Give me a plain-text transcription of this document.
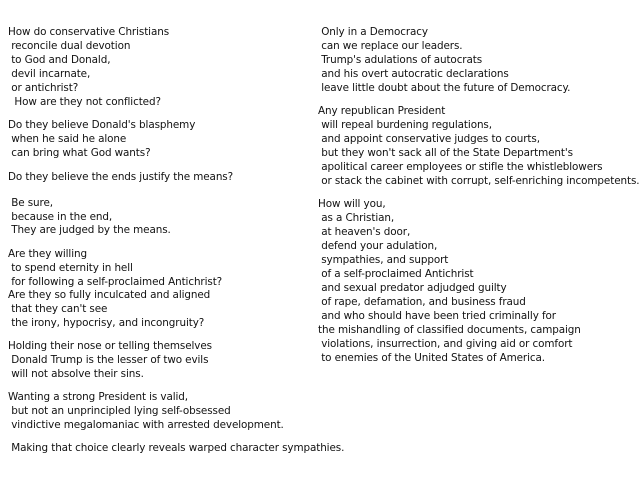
How do conservative Christians
reconcile dual devotion
to God and Donald,
devil incarnate,
or antichrist?
How are they not conflicted?
Do they believe Donald's blasphemy
when he said he alone
can bring what God wants?
Do they believe the ends justify the means?
Be sure,
because in the end,
They are judged by the means.
Are they willing
to spend eternity in hell
for following a self-proclaimed Antichrist?
Are they so fully inculcated and aligned
that they can't see
the irony, hypocrisy, and incongruity?
Holding their nose or telling themselves
Donald Trump is the lesser of two evils
will not absolve their sins.
Wanting a strong President is valid,
but not an unprincipled lying self-obsessed
vindictive megalomaniac with arrested development.
Making that choice clearly reveals warped character sympathies.
Only in a Democracy
can we replace our leaders.
Trump's adulations of autocrats
and his overt autocratic declarations
leave little doubt about the future of Democracy.
Any republican President
will repeal burdening regulations,
and appoint conservative judges to courts,
but they won't sack all of the State Department's
apolitical career employees or stifle the whistleblowers
or stack the cabinet with corrupt, self-enriching incompetents.
How will you,
as a Christian,
at heaven's door,
defend your adulation,
sympathies, and support
of a self-proclaimed Antichrist
and sexual predator adjudged guilty
of rape, defamation, and business fraud
and who should have been tried criminally for
the mishandling of classified documents, campaign
violations, insurrection, and giving aid or comfort
to enemies of the United States of America.
